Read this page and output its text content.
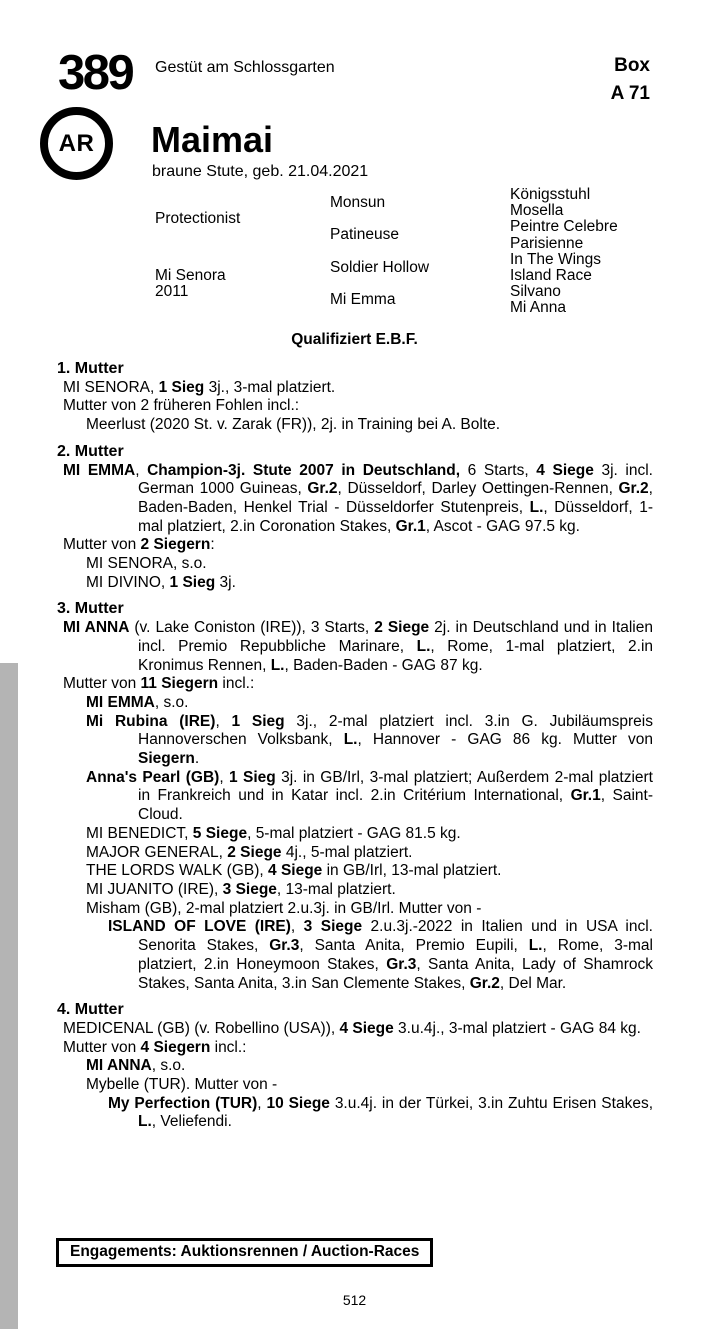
389 Gestüt am Schlossgarten	Box
A 71
AR Maimai
braune Stute, geb. 21.04.2021
Protectionist
Mi Senora
2011
Monsun
Patineuse
Soldier Hollow
Mi Emma
Königsstuhl
Mosella
Peintre Celebre
Parisienne
In The Wings
Island Race
Silvano
Mi Anna
Qualifiziert E.B.F.
1. Mutter
MI SENORA, 1 Sieg 3j., 3-mal platziert.
Mutter von 2 früheren Fohlen incl.:
Meerlust (2020 St. v. Zarak (FR)), 2j. in Training bei A. Bolte.
2. Mutter
MI EMMA, Champion-3j. Stute 2007 in Deutschland, 6 Starts, 4 Siege 3j. incl. German 1000 Guineas, Gr.2, Düsseldorf, Darley Oettingen-Rennen, Gr.2, Baden-Baden, Henkel Trial - Düsseldorfer Stutenpreis, L., Düsseldorf, 1-mal platziert, 2.in Coronation Stakes, Gr.1, Ascot - GAG 97.5 kg.
Mutter von 2 Siegern:
MI SENORA, s.o.
MI DIVINO, 1 Sieg 3j.
3. Mutter
MI ANNA (v. Lake Coniston (IRE)), 3 Starts, 2 Siege 2j. in Deutschland und in Italien incl. Premio Repubbliche Marinare, L., Rome, 1-mal platziert, 2.in Kronimus Rennen, L., Baden-Baden - GAG 87 kg.
Mutter von 11 Siegern incl.:
MI EMMA, s.o.
Mi Rubina (IRE), 1 Sieg 3j., 2-mal platziert incl. 3.in G. Jubiläumspreis Hannoverschen Volksbank, L., Hannover - GAG 86 kg. Mutter von Siegern.
Anna's Pearl (GB), 1 Sieg 3j. in GB/Irl, 3-mal platziert; Außerdem 2-mal platziert in Frankreich und in Katar incl. 2.in Critérium International, Gr.1, Saint-Cloud.
MI BENEDICT, 5 Siege, 5-mal platziert - GAG 81.5 kg.
MAJOR GENERAL, 2 Siege 4j., 5-mal platziert.
THE LORDS WALK (GB), 4 Siege in GB/Irl, 13-mal platziert.
MI JUANITO (IRE), 3 Siege, 13-mal platziert.
Misham (GB), 2-mal platziert 2.u.3j. in GB/Irl. Mutter von -
ISLAND OF LOVE (IRE), 3 Siege 2.u.3j.-2022 in Italien und in USA incl. Senorita Stakes, Gr.3, Santa Anita, Premio Eupili, L., Rome, 3-mal platziert, 2.in Honeymoon Stakes, Gr.3, Santa Anita, Lady of Shamrock Stakes, Santa Anita, 3.in San Clemente Stakes, Gr.2, Del Mar.
4. Mutter
MEDICENAL (GB) (v. Robellino (USA)), 4 Siege 3.u.4j., 3-mal platziert - GAG 84 kg.
Mutter von 4 Siegern incl.:
MI ANNA, s.o.
Mybelle (TUR). Mutter von -
My Perfection (TUR), 10 Siege 3.u.4j. in der Türkei, 3.in Zuhtu Erisen Stakes, L., Veliefendi.
Engagements: Auktionsrennen / Auction-Races
512
